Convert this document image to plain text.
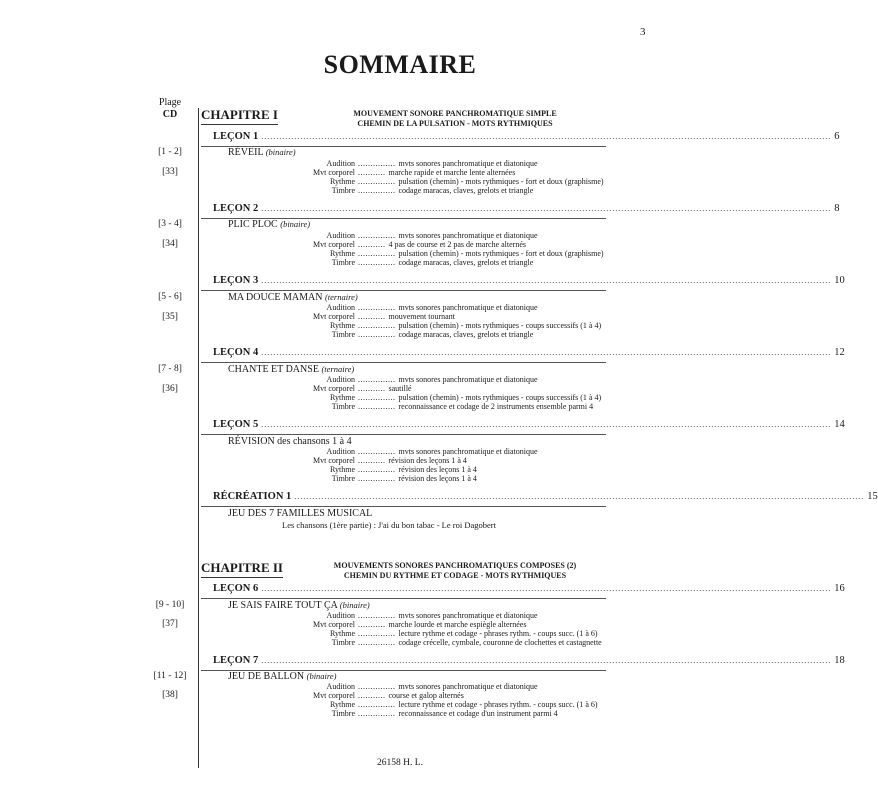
3
SOMMAIRE
Plage
CD	CHAPITRE I	MOUVEMENT SONORE PANCHROMATIQUE SIMPLE
CHEMIN DE LA PULSATION - MOTS RYTHMIQUES
LEÇON 1 .............................................................................................................................................................................................. 6
[1 - 2]
[33]
RÉVEIL (binaire)
Audition ............... mvts sonores panchromatique et diatonique
Mvt corporel ........... marche rapide et marche lente alternées
Rythme ............... pulsation (chemin) - mots rythmiques - fort et doux (graphisme)
Timbre ............... codage maracas, claves, grelots et triangle
LEÇON 2 .............................................................................................................................................................................................. 8
[3 - 4]
[34]
PLIC PLOC (binaire)
Audition ............... mvts sonores panchromatique et diatonique
Mvt corporel ........... 4 pas de course et 2 pas de marche alternés
Rythme ............... pulsation (chemin) - mots rythmiques - fort et doux (graphisme)
Timbre ............... codage maracas, claves, grelots et triangle
LEÇON 3 .............................................................................................................................................................................................. 10
[5 - 6]
[35]
MA DOUCE MAMAN (ternaire)
Audition ............... mvts sonores panchromatique et diatonique
Mvt corporel ........... mouvement tournant
Rythme ............... pulsation (chemin) - mots rythmiques - coups successifs (1 à 4)
Timbre ............... codage maracas, claves, grelots et triangle
LEÇON 4 .............................................................................................................................................................................................. 12
[7 - 8]
[36]
CHANTE ET DANSE (ternaire)
Audition ............... mvts sonores panchromatique et diatonique
Mvt corporel ........... sautillé
Rythme ............... pulsation (chemin) - mots rythmiques - coups successifs (1 à 4)
Timbre ............... reconnaissance et codage de 2 instruments ensemble parmi 4
LEÇON 5 .............................................................................................................................................................................................. 14
RÉVISION des chansons 1 à 4
Audition ............... mvts sonores panchromatique et diatonique
Mvt corporel ........... révision des leçons 1 à 4
Rythme ............... révision des leçons 1 à 4
Timbre ............... révision des leçons 1 à 4
RÉCRÉATION 1 .............................................................................................................................................................................................. 15
JEU DES 7 FAMILLES MUSICAL
Les chansons (1ère partie) : J'ai du bon tabac - Le roi Dagobert
CHAPITRE II	MOUVEMENTS SONORES PANCHROMATIQUES COMPOSES (2)
CHEMIN DU RYTHME ET CODAGE - MOTS RYTHMIQUES
LEÇON 6 .............................................................................................................................................................................................. 16
[9 - 10]
[37]
JE SAIS FAIRE TOUT ÇA (binaire)
Audition ............... mvts sonores panchromatique et diatonique
Mvt corporel ........... marche lourde et marche espiègle alternées
Rythme ............... lecture rythme et codage - phrases rythm. - coups succ. (1 à 6)
Timbre ............... codage crécelle, cymbale, couronne de clochettes et castagnette
LEÇON 7 .............................................................................................................................................................................................. 18
[11 - 12]
[38]
JEU DE BALLON (binaire)
Audition ............... mvts sonores panchromatique et diatonique
Mvt corporel ........... course et galop alternés
Rythme ............... lecture rythme et codage - phrases rythm. - coups succ. (1 à 6)
Timbre ............... reconnaissance et codage d'un instrument parmi 4
26158 H. L.
